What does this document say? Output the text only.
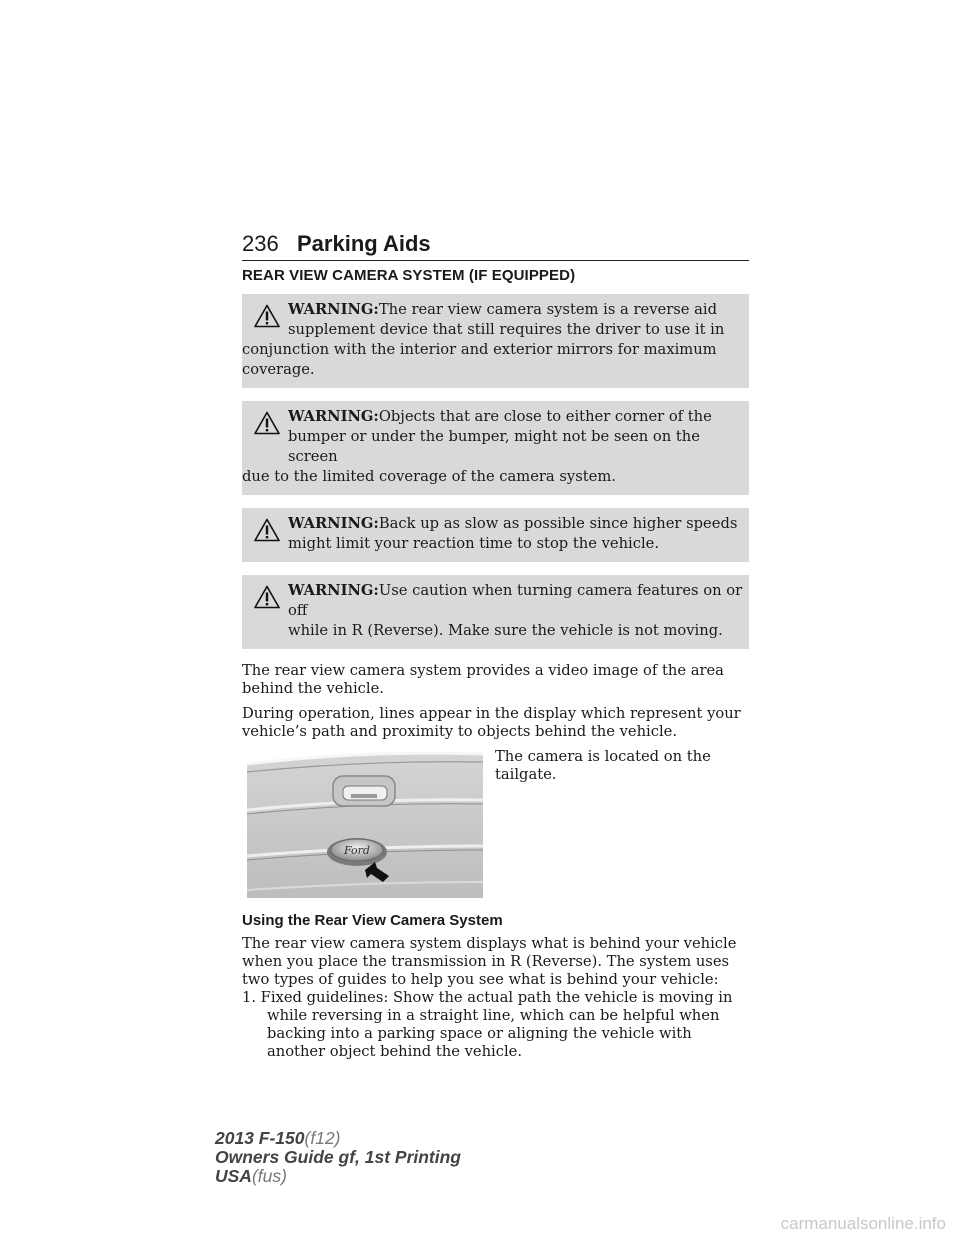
236 Parking Aids
REAR VIEW CAMERA SYSTEM (IF EQUIPPED)
WARNING:The rear view camera system is a reverse aid
supplement device that still requires the driver to use it in
conjunction with the interior and exterior mirrors for maximum coverage.
WARNING:Objects that are close to either corner of the
bumper or under the bumper, might not be seen on the screen
due to the limited coverage of the camera system.
WARNING:Back up as slow as possible since higher speeds
might limit your reaction time to stop the vehicle.
WARNING:Use caution when turning camera features on or off
while in R (Reverse). Make sure the vehicle is not moving.

The rear view camera system provides a video image of the area behind the vehicle.

During operation, lines appear in the display which represent your vehicle’s path and proximity to objects behind the vehicle.

Ford
The camera is located on the tailgate.
Using the Rear View Camera System

The rear view camera system displays what is behind your vehicle when you place the transmission in R (Reverse). The system uses two types of guides to help you see what is behind your vehicle:

1. Fixed guidelines: Show the actual path the vehicle is moving in while reversing in a straight line, which can be helpful when backing into a parking space or aligning the vehicle with another object behind the vehicle.
2013 F-150(f12)
Owners Guide gf, 1st Printing
USA(fus)
carmanualsonline.info
